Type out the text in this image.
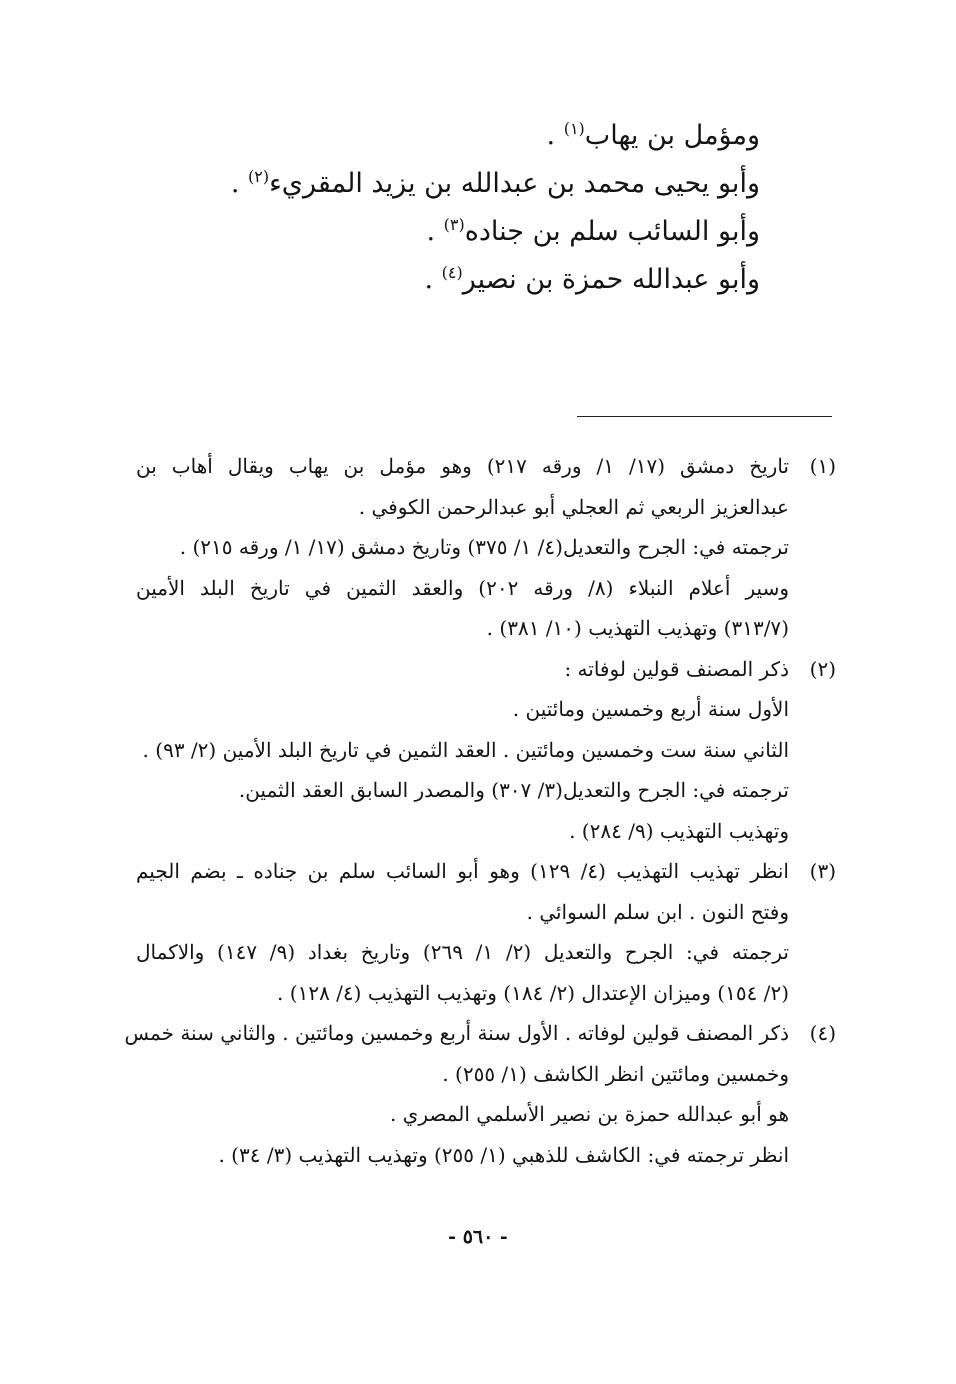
ومؤمل بن يهاب$^{(١)}$ .
وأبو يحيى محمد بن عبدالله بن يزيد المقريء$^{(٢)}$ .
وأبو السائب سلم بن جناده$^{(٣)}$ .
وأبو عبدالله حمزة بن نصير$^{(٤)}$ .
(١)
تاريخ دمشق (١٧/ ١/ ورقه ٢١٧) وهو مؤمل بن يهاب ويقال أهاب بن
عبدالعزيز الربعي ثم العجلي أبو عبدالرحمن الكوفي .
ترجمته في: الجرح والتعديل(٤/ ١/ ٣٧٥) وتاريخ دمشق (١٧/ ١/ ورقه ٢١٥) .
وسير أعلام النبلاء (٨/ ورقه ٢٠٢) والعقد الثمين في تاريخ البلد الأمين
(٣١٣/٧) وتهذيب التهذيب (١٠/ ٣٨١) .
(٢)
ذكر المصنف قولين لوفاته :
الأول سنة أربع وخمسين ومائتين .
الثاني سنة ست وخمسين ومائتين . العقد الثمين في تاريخ البلد الأمين (٢/ ٩٣) .
ترجمته في: الجرح والتعديل(٣/ ٣٠٧) والمصدر السابق العقد الثمين.
وتهذيب التهذيب (٩/ ٢٨٤) .
(٣)
انظر تهذيب التهذيب (٤/ ١٢٩) وهو أبو السائب سلم بن جناده ـ بضم الجيم
وفتح النون . ابن سلم السوائي .
ترجمته في: الجرح والتعديل (٢/ ١/ ٢٦٩) وتاريخ بغداد (٩/ ١٤٧) والاكمال
(٢/ ١٥٤) وميزان الإعتدال (٢/ ١٨٤) وتهذيب التهذيب (٤/ ١٢٨) .
(٤)
ذكر المصنف قولين لوفاته . الأول سنة أربع وخمسين ومائتين . والثاني سنة خمس
وخمسين ومائتين انظر الكاشف (١/ ٢٥٥) .
هو أبو عبدالله حمزة بن نصير الأسلمي المصري .
انظر ترجمته في: الكاشف للذهبي (١/ ٢٥٥) وتهذيب التهذيب (٣/ ٣٤) .
- ٥٦٠ -
